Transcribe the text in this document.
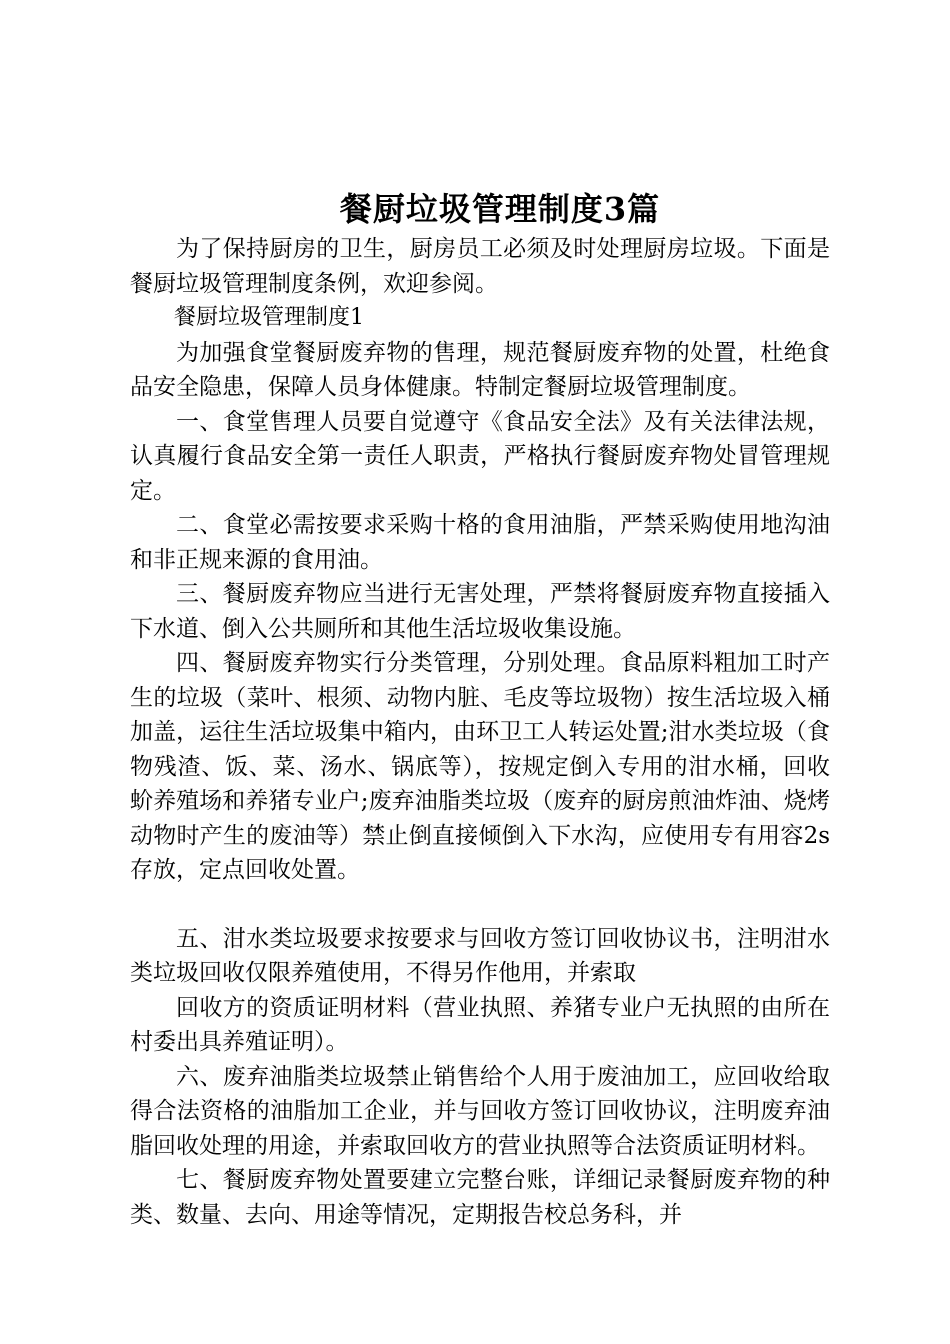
餐厨垃圾管理制度3篇

为了保持厨房的卫生，厨房员工必须及时处理厨房垃圾。下面是餐厨垃圾管理制度条例，欢迎参阅。

餐厨垃圾管理制度1

为加强食堂餐厨废弃物的售理，规范餐厨废弃物的处置，杜绝食品安全隐患，保障人员身体健康。特制定餐厨垃圾管理制度。

一、食堂售理人员要自觉遵守《食品安全法》及有关法律法规，认真履行食品安全第一责任人职责，严格执行餐厨废弃物处冒管理规定。

二、食堂必需按要求采购十格的食用油脂，严禁采购使用地沟油和非正规来源的食用油。

三、餐厨废弃物应当进行无害处理，严禁将餐厨废弃物直接插入下水道、倒入公共厕所和其他生活垃圾收集设施。

四、餐厨废弃物实行分类管理，分别处理。食品原料粗加工时产生的垃圾（菜叶、根须、动物内脏、毛皮等垃圾物）按生活垃圾入桶加盖，运往生活垃圾集中箱内，由环卫工人转运处置;泔水类垃圾（食物残渣、饭、菜、汤水、锅底等），按规定倒入专用的泔水桶，回收蚧养殖场和养猪专业户;废弃油脂类垃圾（废弃的厨房煎油炸油、烧烤动物时产生的废油等）禁止倒直接倾倒入下水沟，应使用专有用容2s存放，定点回收处置。

五、泔水类垃圾要求按要求与回收方签订回收协议书，注明泔水类垃圾回收仅限养殖使用，不得另作他用，并索取

回收方的资质证明材料（营业执照、养猪专业户无执照的由所在村委出具养殖证明）。

六、废弃油脂类垃圾禁止销售给个人用于废油加工，应回收给取得合法资格的油脂加工企业，并与回收方签订回收协议，注明废弃油脂回收处理的用途，并索取回收方的营业执照等合法资质证明材料。

七、餐厨废弃物处置要建立完整台账，详细记录餐厨废弃物的种类、数量、去向、用途等情况，定期报告校总务科，并
